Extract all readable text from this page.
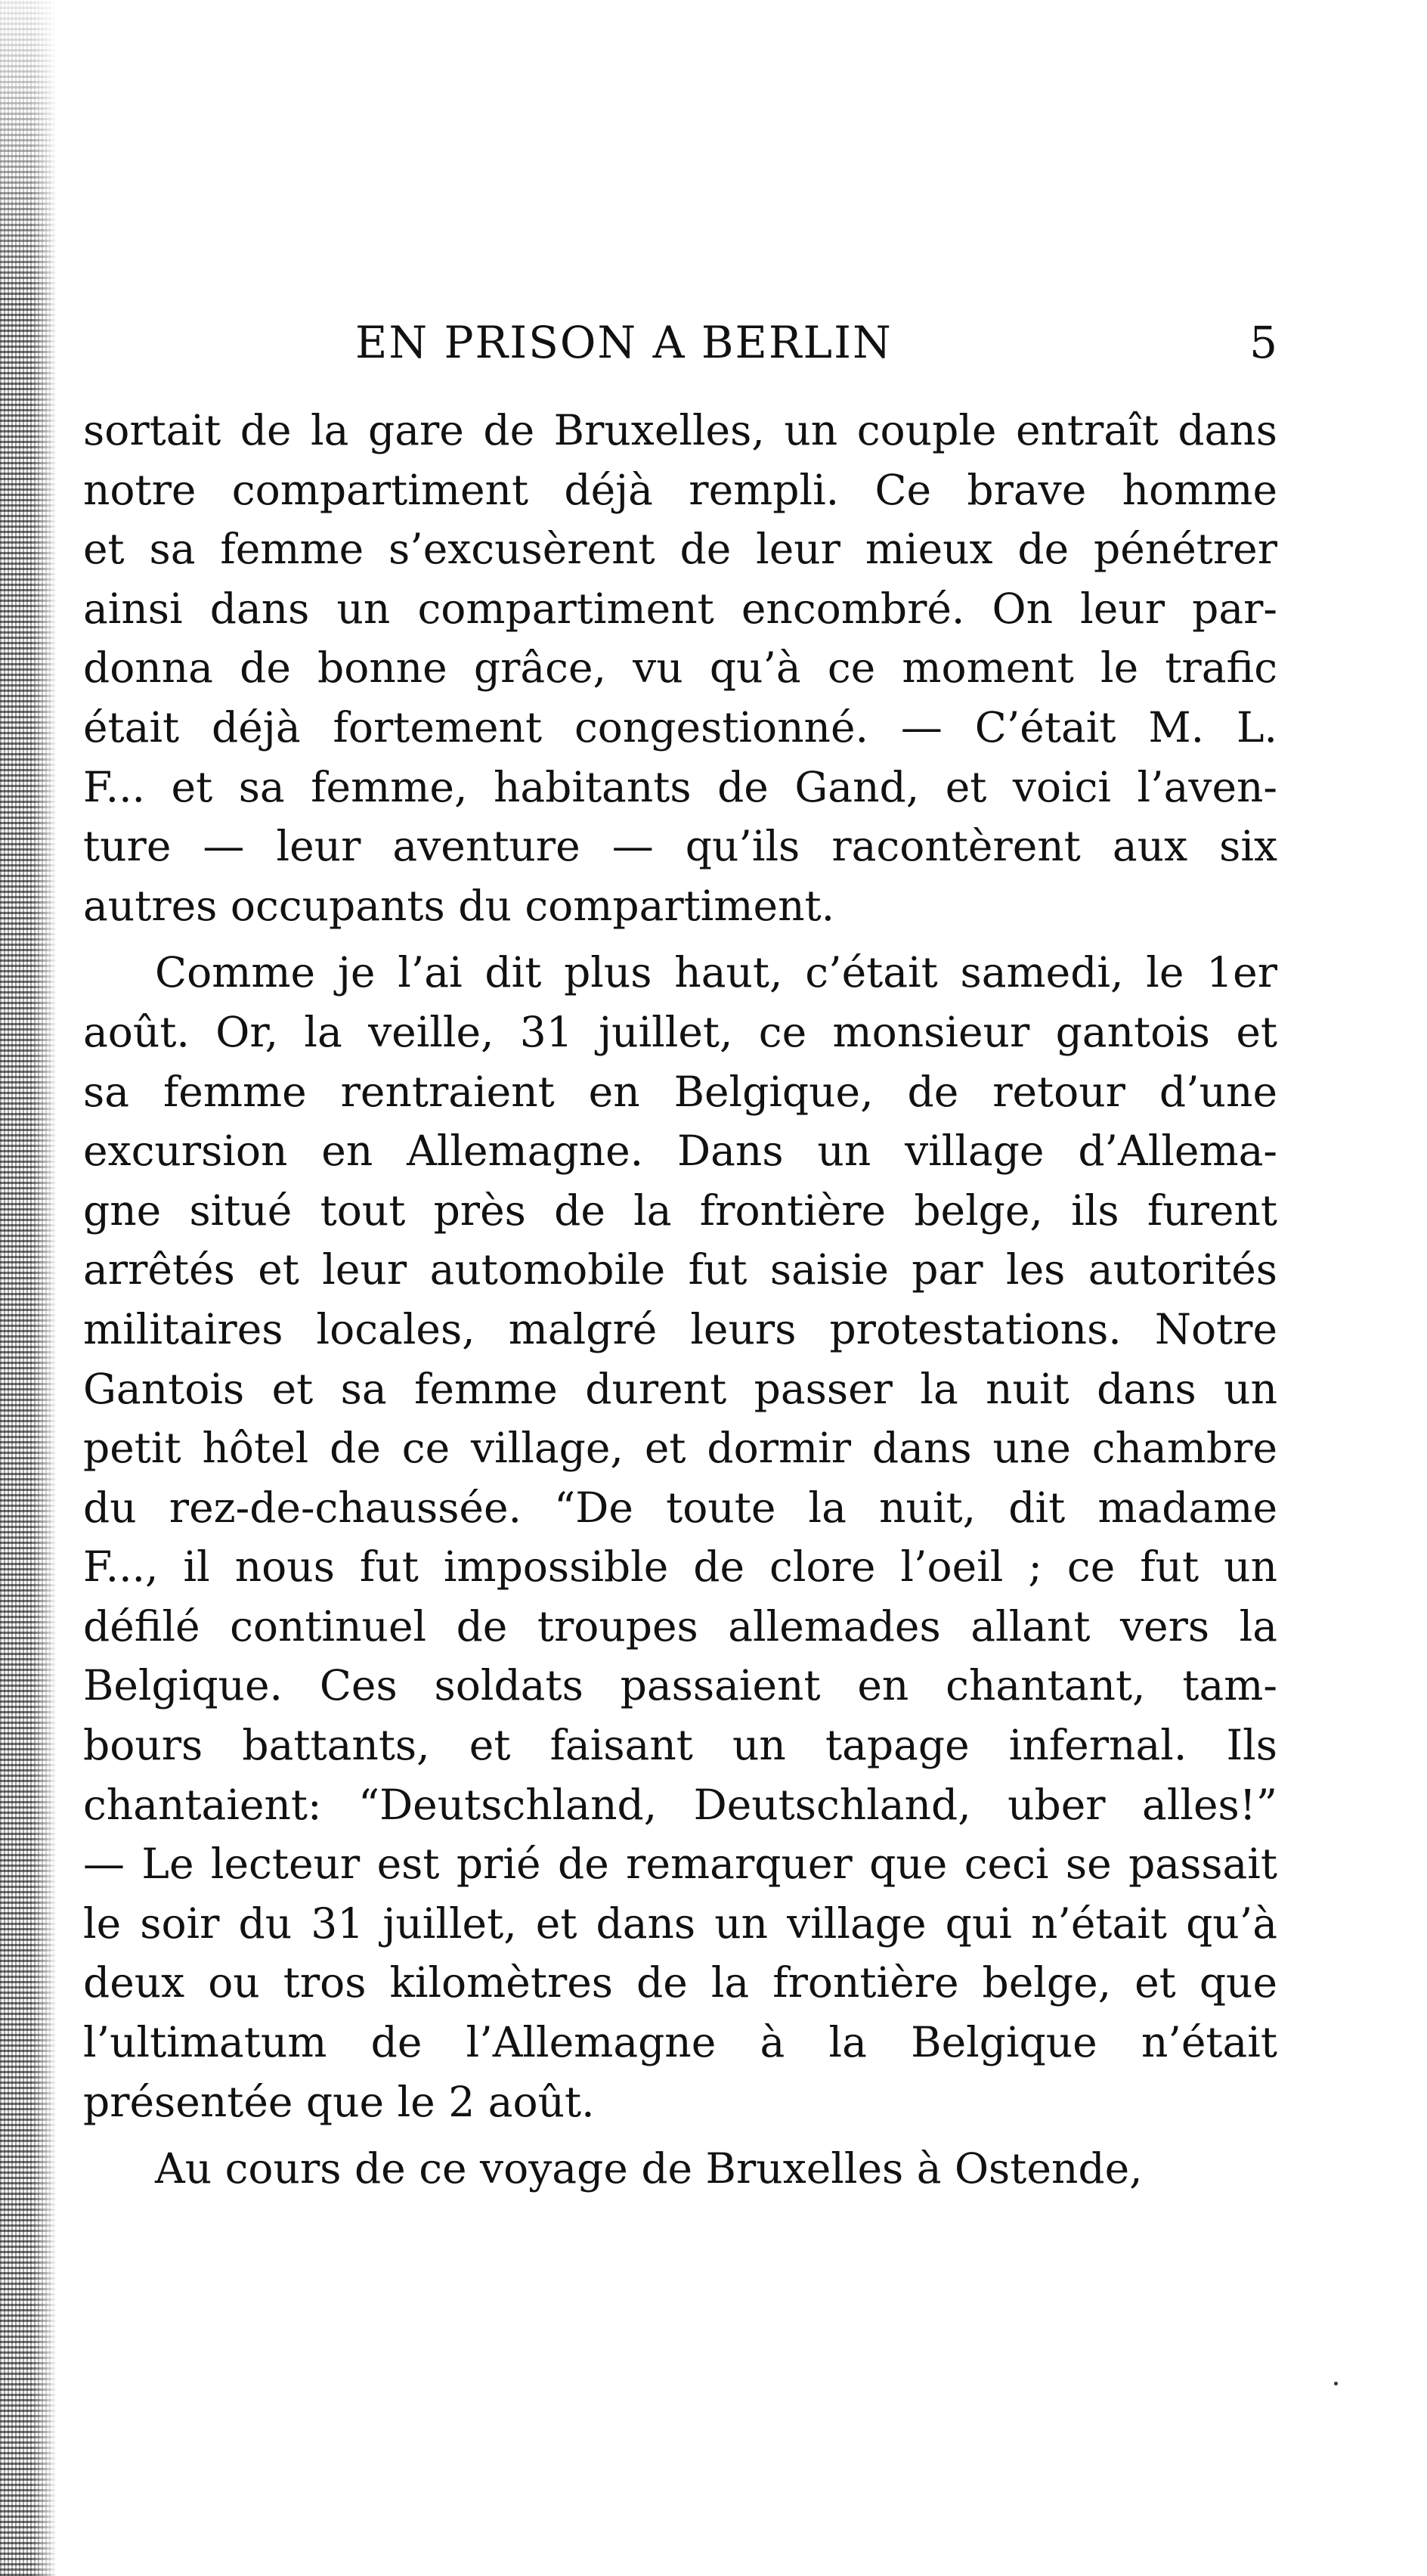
EN PRISON A BERLIN	5

sortait de la gare de Bruxelles, un couple entraît dans
notre compartiment déjà rempli. Ce brave homme
et sa femme s’excusèrent de leur mieux de pénétrer
ainsi dans un compartiment encombré. On leur par-
donna de bonne grâce, vu qu’à ce moment le trafic
était déjà fortement congestionné. — C’était M. L.
F... et sa femme, habitants de Gand, et voici l’aven-
ture — leur aventure — qu’ils racontèrent aux six
autres occupants du compartiment.

Comme je l’ai dit plus haut, c’était samedi, le 1er
août. Or, la veille, 31 juillet, ce monsieur gantois et
sa femme rentraient en Belgique, de retour d’une
excursion en Allemagne. Dans un village d’Allema-
gne situé tout près de la frontière belge, ils furent
arrêtés et leur automobile fut saisie par les autorités
militaires locales, malgré leurs protestations. Notre
Gantois et sa femme durent passer la nuit dans un
petit hôtel de ce village, et dormir dans une chambre
du rez-de-chaussée. “De toute la nuit, dit madame
F..., il nous fut impossible de clore l’oeil ; ce fut un
défilé continuel de troupes allemades allant vers la
Belgique. Ces soldats passaient en chantant, tam-
bours battants, et faisant un tapage infernal. Ils
chantaient: “Deutschland, Deutschland, uber alles!”
— Le lecteur est prié de remarquer que ceci se passait
le soir du 31 juillet, et dans un village qui n’était qu’à
deux ou tros kilomètres de la frontière belge, et que
l’ultimatum de l’Allemagne à la Belgique n’était
présentée que le 2 août.

Au cours de ce voyage de Bruxelles à Ostende,
